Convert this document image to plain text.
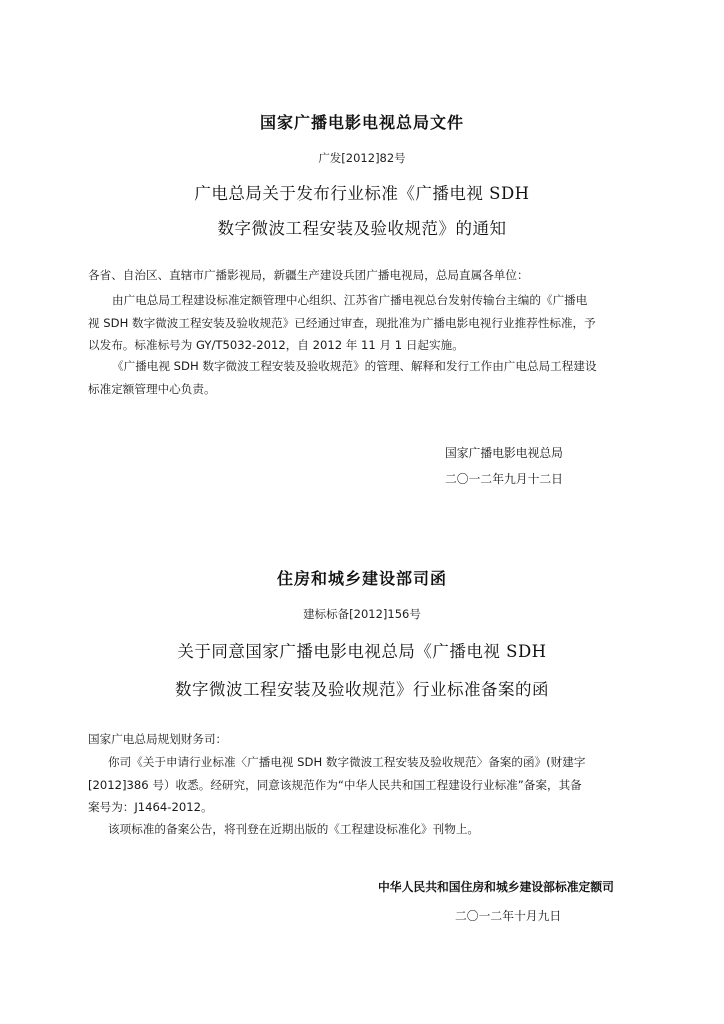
国家广播电影电视总局文件
广发[2012]82号
广电总局关于发布行业标准《广播电视 SDH
数字微波工程安装及验收规范》的通知
各省、自治区、直辖市广播影视局，新疆生产建设兵团广播电视局，总局直属各单位：
由广电总局工程建设标准定额管理中心组织、江苏省广播电视总台发射传输台主编的《广播电
视 SDH 数字微波工程安装及验收规范》已经通过审查，现批准为广播电影电视行业推荐性标准，予
以发布。标准标号为 GY/T5032-2012，自 2012 年 11 月 1 日起实施。
《广播电视 SDH 数字微波工程安装及验收规范》的管理、解释和发行工作由广电总局工程建设
标准定额管理中心负责。
国家广播电影电视总局
二〇一二年九月十二日
住房和城乡建设部司函
建标标备[2012]156号
关于同意国家广播电影电视总局《广播电视 SDH
数字微波工程安装及验收规范》行业标准备案的函
国家广电总局规划财务司：
你司《关于申请行业标准〈广播电视 SDH 数字微波工程安装及验收规范〉备案的函》(财建字
[2012]386 号）收悉。经研究，同意该规范作为“中华人民共和国工程建设行业标准”备案，其备
案号为：J1464-2012。
该项标准的备案公告，将刊登在近期出版的《工程建设标准化》刊物上。
中华人民共和国住房和城乡建设部标准定额司
二〇一二年十月九日
